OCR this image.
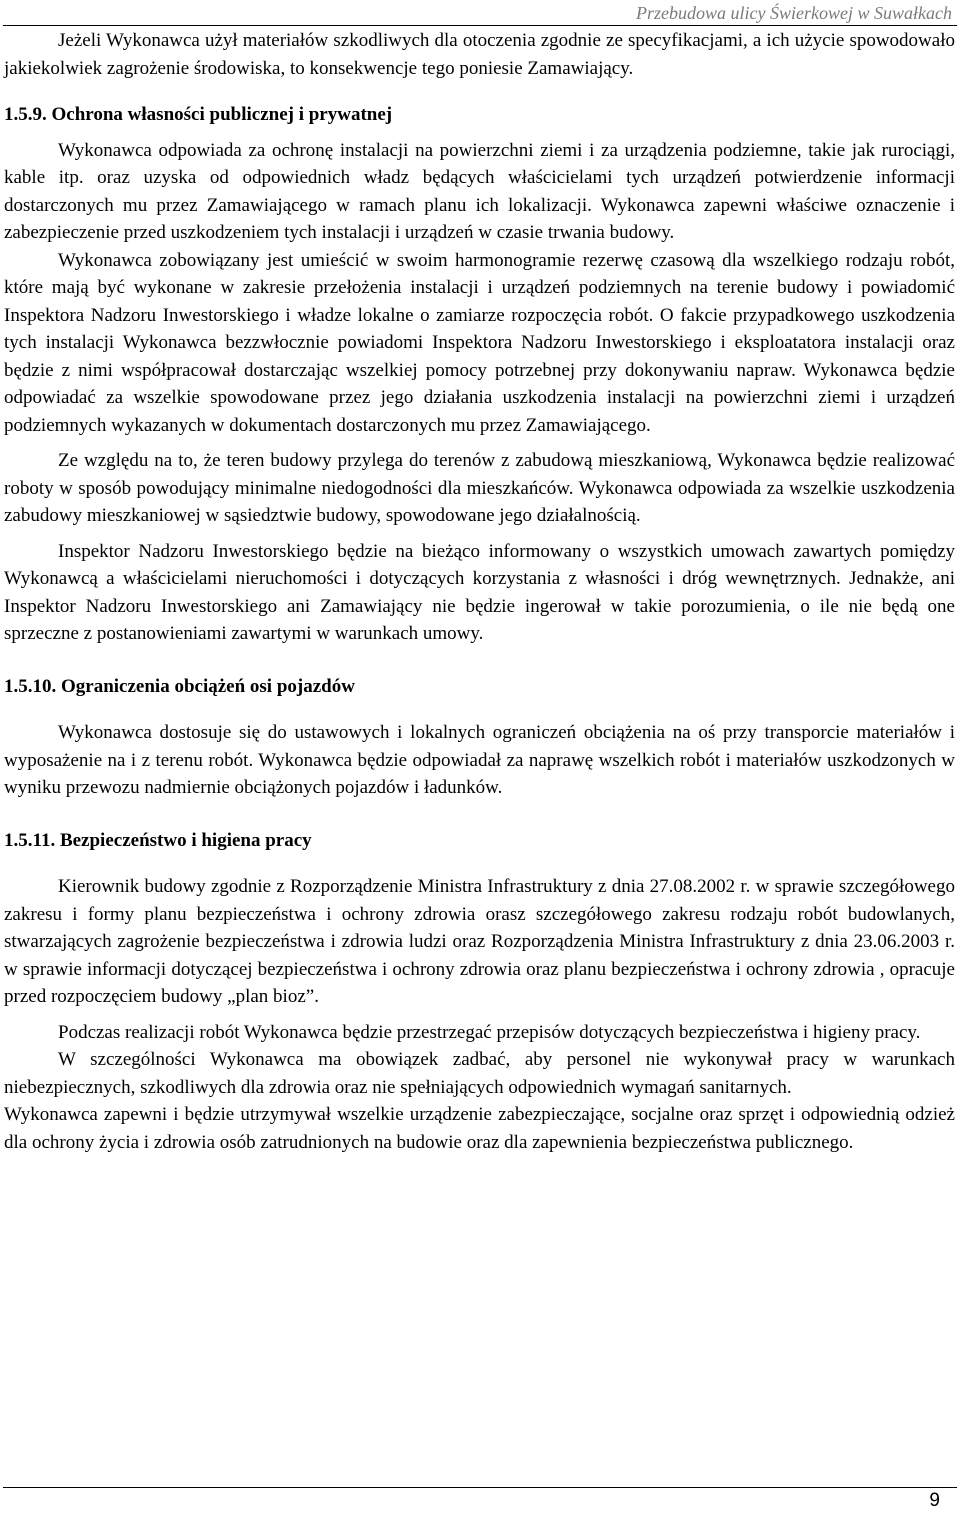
Przebudowa ulicy Świerkowej w Suwałkach

Jeżeli Wykonawca użył materiałów szkodliwych dla otoczenia zgodnie ze specyfikacjami, a ich użycie spowodowało jakiekolwiek zagrożenie środowiska, to konsekwencje tego poniesie Zamawiający.

1.5.9. Ochrona własności publicznej i prywatnej

Wykonawca odpowiada za ochronę instalacji na powierzchni ziemi i za urządzenia podziemne, takie jak rurociągi, kable itp. oraz uzyska od odpowiednich władz będących właścicielami tych urządzeń potwierdzenie informacji dostarczonych mu przez Zamawiającego w ramach planu ich lokalizacji. Wykonawca zapewni właściwe oznaczenie i zabezpieczenie przed uszkodzeniem tych instalacji i urządzeń w czasie trwania budowy.

Wykonawca zobowiązany jest umieścić w swoim harmonogramie rezerwę czasową dla wszelkiego rodzaju robót, które mają być wykonane w zakresie przełożenia instalacji i urządzeń podziemnych na terenie budowy i powiadomić Inspektora Nadzoru Inwestorskiego i władze lokalne o zamiarze rozpoczęcia robót. O fakcie przypadkowego uszkodzenia tych instalacji Wykonawca bezzwłocznie powiadomi Inspektora Nadzoru Inwestorskiego i eksploatatora instalacji oraz będzie z nimi współpracował dostarczając wszelkiej pomocy potrzebnej przy dokonywaniu napraw. Wykonawca będzie odpowiadać za wszelkie spowodowane przez jego działania uszkodzenia instalacji na powierzchni ziemi i urządzeń podziemnych wykazanych w dokumentach dostarczonych mu przez Zamawiającego.

Ze względu na to, że teren budowy przylega do terenów z zabudową mieszkaniową, Wykonawca będzie realizować roboty w sposób powodujący minimalne niedogodności dla mieszkańców. Wykonawca odpowiada za wszelkie uszkodzenia zabudowy mieszkaniowej w sąsiedztwie budowy, spowodowane jego działalnością.

Inspektor Nadzoru Inwestorskiego będzie na bieżąco informowany o wszystkich umowach zawartych pomiędzy Wykonawcą a właścicielami nieruchomości i dotyczących korzystania z własności i dróg wewnętrznych. Jednakże, ani Inspektor Nadzoru Inwestorskiego ani Zamawiający nie będzie ingerował w takie porozumienia, o ile nie będą one sprzeczne z postanowieniami zawartymi w warunkach umowy.

1.5.10. Ograniczenia obciążeń osi pojazdów

Wykonawca dostosuje się do ustawowych i lokalnych ograniczeń obciążenia na oś przy transporcie materiałów i wyposażenie na i z terenu robót. Wykonawca będzie odpowiadał za naprawę wszelkich robót i materiałów uszkodzonych w wyniku przewozu nadmiernie obciążonych pojazdów i ładunków.

1.5.11. Bezpieczeństwo i higiena pracy

Kierownik budowy zgodnie z Rozporządzenie Ministra Infrastruktury z dnia 27.08.2002 r. w sprawie szczegółowego zakresu i formy planu bezpieczeństwa i ochrony zdrowia orasz szczegółowego zakresu rodzaju robót budowlanych, stwarzających zagrożenie bezpieczeństwa i zdrowia ludzi oraz Rozporządzenia Ministra Infrastruktury z dnia 23.06.2003 r. w sprawie informacji dotyczącej bezpieczeństwa i ochrony zdrowia oraz planu bezpieczeństwa i ochrony zdrowia , opracuje przed rozpoczęciem budowy „plan bioz”.

Podczas realizacji robót Wykonawca będzie przestrzegać przepisów dotyczących bezpieczeństwa i higieny pracy.

W szczególności Wykonawca ma obowiązek zadbać, aby personel nie wykonywał pracy w warunkach niebezpiecznych, szkodliwych dla zdrowia oraz nie spełniających odpowiednich wymagań sanitarnych.

Wykonawca zapewni i będzie utrzymywał wszelkie urządzenie zabezpieczające, socjalne oraz sprzęt i odpowiednią odzież dla ochrony życia i zdrowia osób zatrudnionych na budowie oraz dla zapewnienia bezpieczeństwa publicznego.

9
